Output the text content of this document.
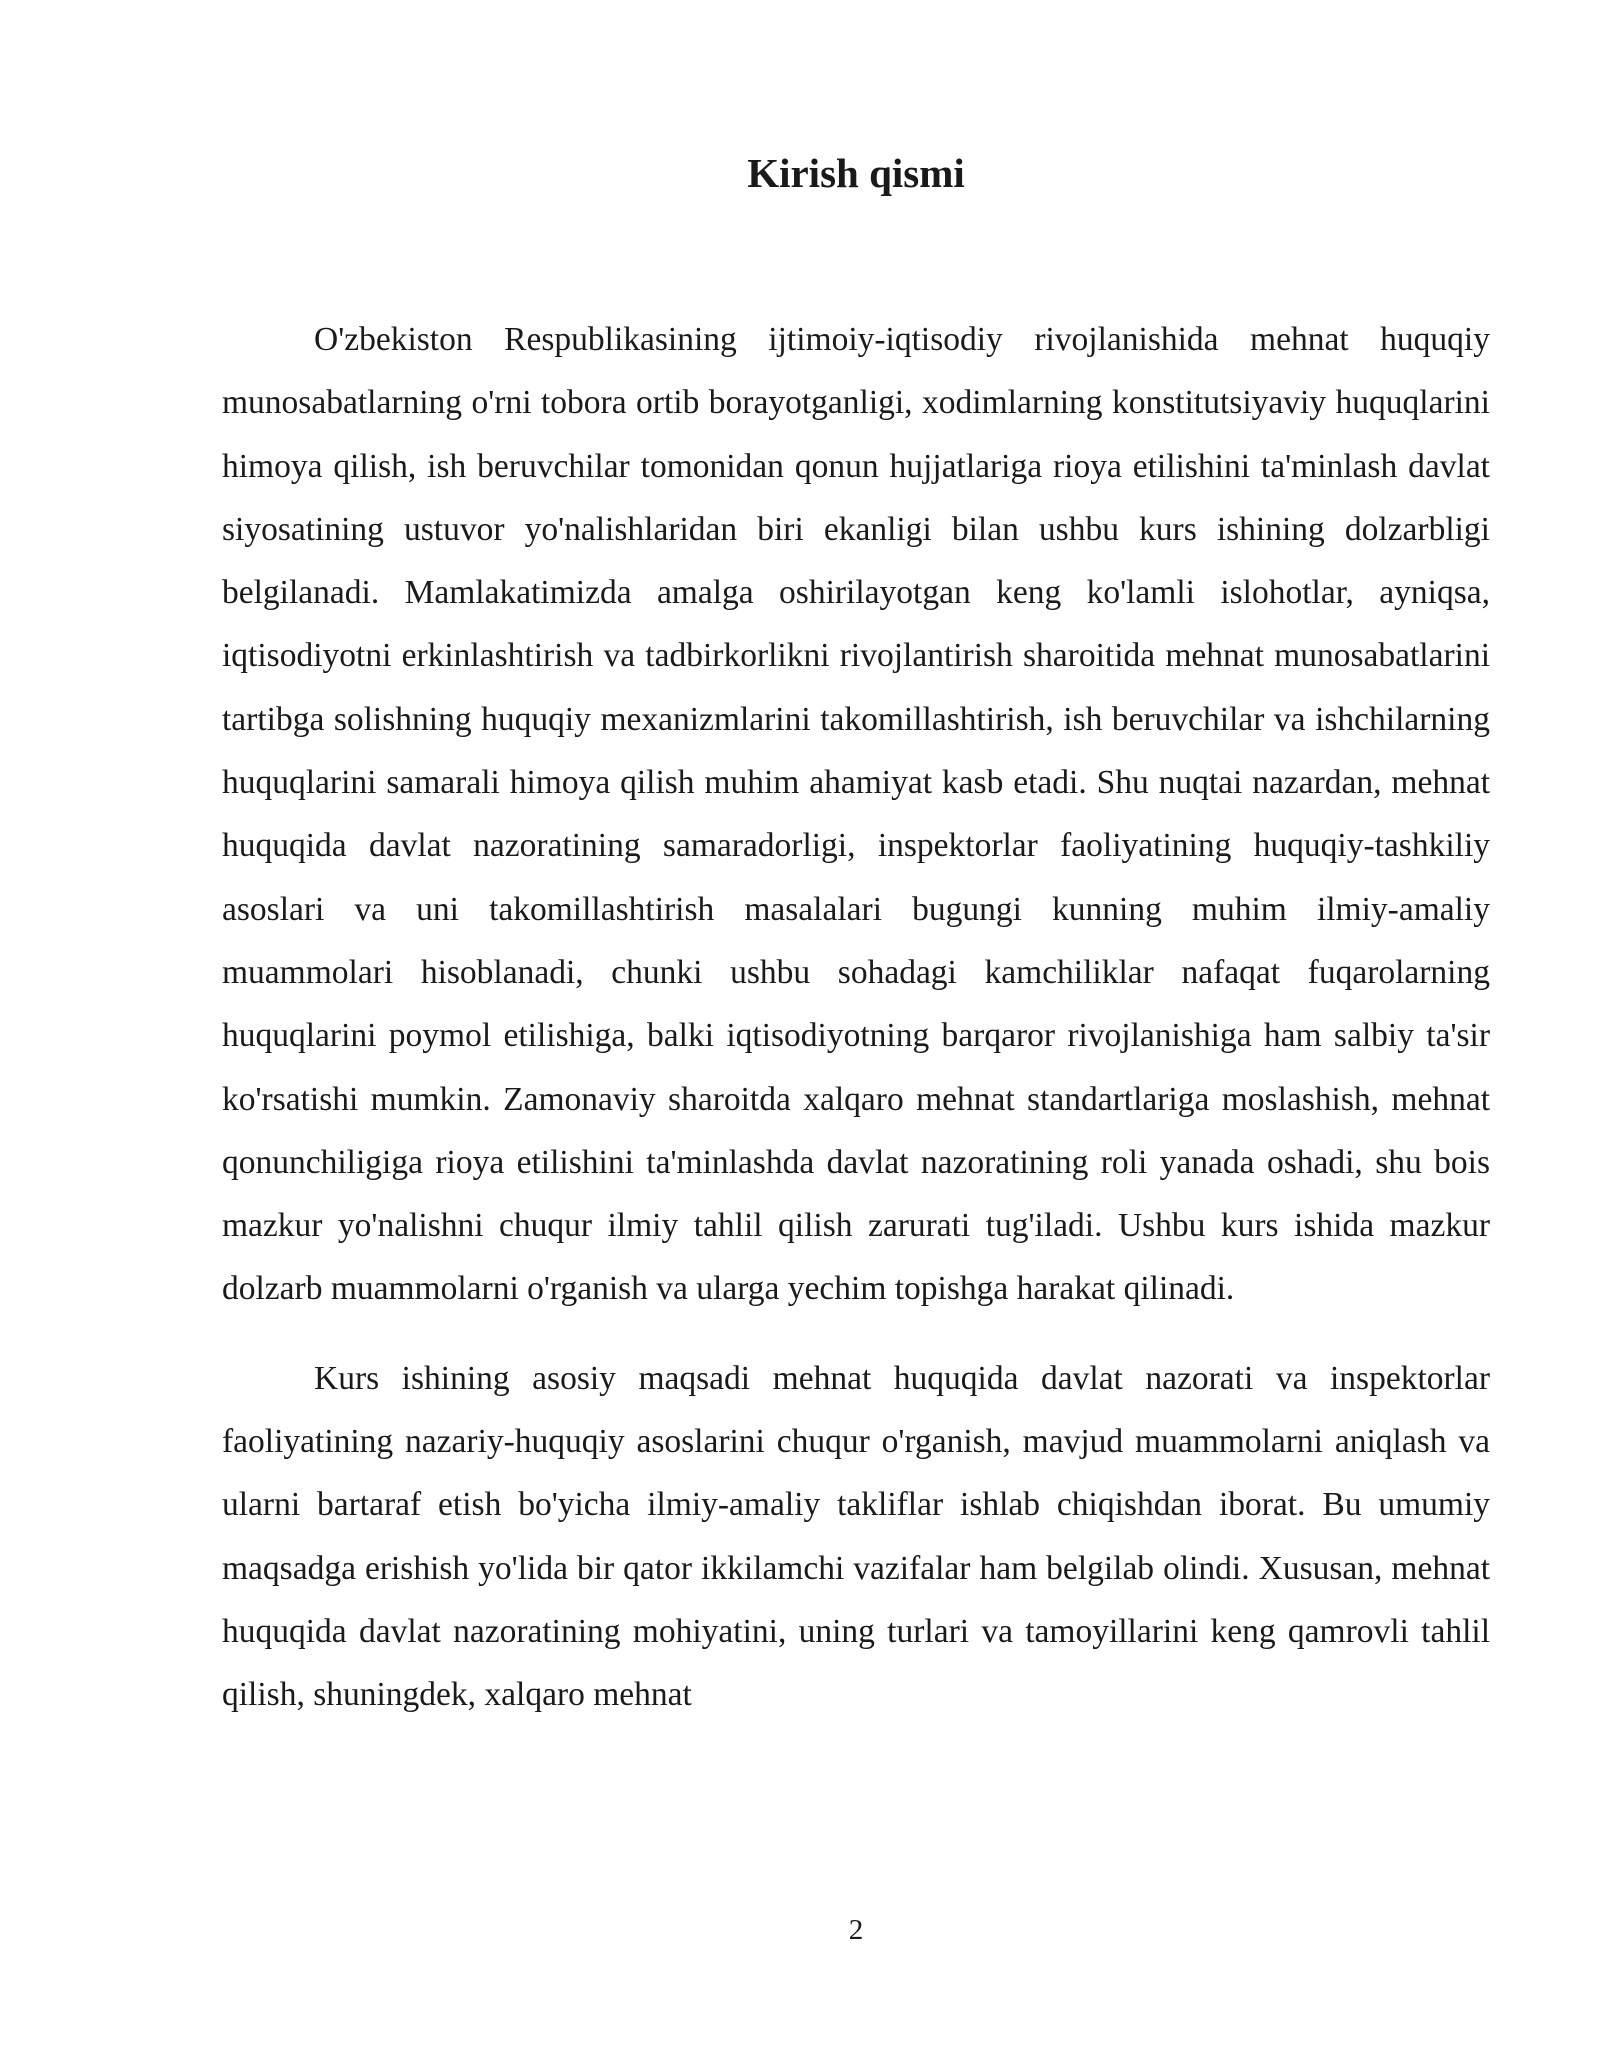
Kirish qismi

O'zbekiston Respublikasining ijtimoiy-iqtisodiy rivojlanishida mehnat huquqiy munosabatlarning o'rni tobora ortib borayotganligi, xodimlarning konstitutsiyaviy huquqlarini himoya qilish, ish beruvchilar tomonidan qonun hujjatlariga rioya etilishini ta'minlash davlat siyosatining ustuvor yo'nalishlaridan biri ekanligi bilan ushbu kurs ishining dolzarbligi belgilanadi. Mamlakatimizda amalga oshirilayotgan keng ko'lamli islohotlar, ayniqsa, iqtisodiyotni erkinlashtirish va tadbirkorlikni rivojlantirish sharoitida mehnat munosabatlarini tartibga solishning huquqiy mexanizmlarini takomillashtirish, ish beruvchilar va ishchilarning huquqlarini samarali himoya qilish muhim ahamiyat kasb etadi. Shu nuqtai nazardan, mehnat huquqida davlat nazoratining samaradorligi, inspektorlar faoliyatining huquqiy-tashkiliy asoslari va uni takomillashtirish masalalari bugungi kunning muhim ilmiy-amaliy muammolari hisoblanadi, chunki ushbu sohadagi kamchiliklar nafaqat fuqarolarning huquqlarini poymol etilishiga, balki iqtisodiyotning barqaror rivojlanishiga ham salbiy ta'sir ko'rsatishi mumkin. Zamonaviy sharoitda xalqaro mehnat standartlariga moslashish, mehnat qonunchiligiga rioya etilishini ta'minlashda davlat nazoratining roli yanada oshadi, shu bois mazkur yo'nalishni chuqur ilmiy tahlil qilish zarurati tug'iladi. Ushbu kurs ishida mazkur dolzarb muammolarni o'rganish va ularga yechim topishga harakat qilinadi.

Kurs ishining asosiy maqsadi mehnat huquqida davlat nazorati va inspektorlar faoliyatining nazariy-huquqiy asoslarini chuqur o'rganish, mavjud muammolarni aniqlash va ularni bartaraf etish bo'yicha ilmiy-amaliy takliflar ishlab chiqishdan iborat. Bu umumiy maqsadga erishish yo'lida bir qator ikkilamchi vazifalar ham belgilab olindi. Xususan, mehnat huquqida davlat nazoratining mohiyatini, uning turlari va tamoyillarini keng qamrovli tahlil qilish, shuningdek, xalqaro mehnat

2
